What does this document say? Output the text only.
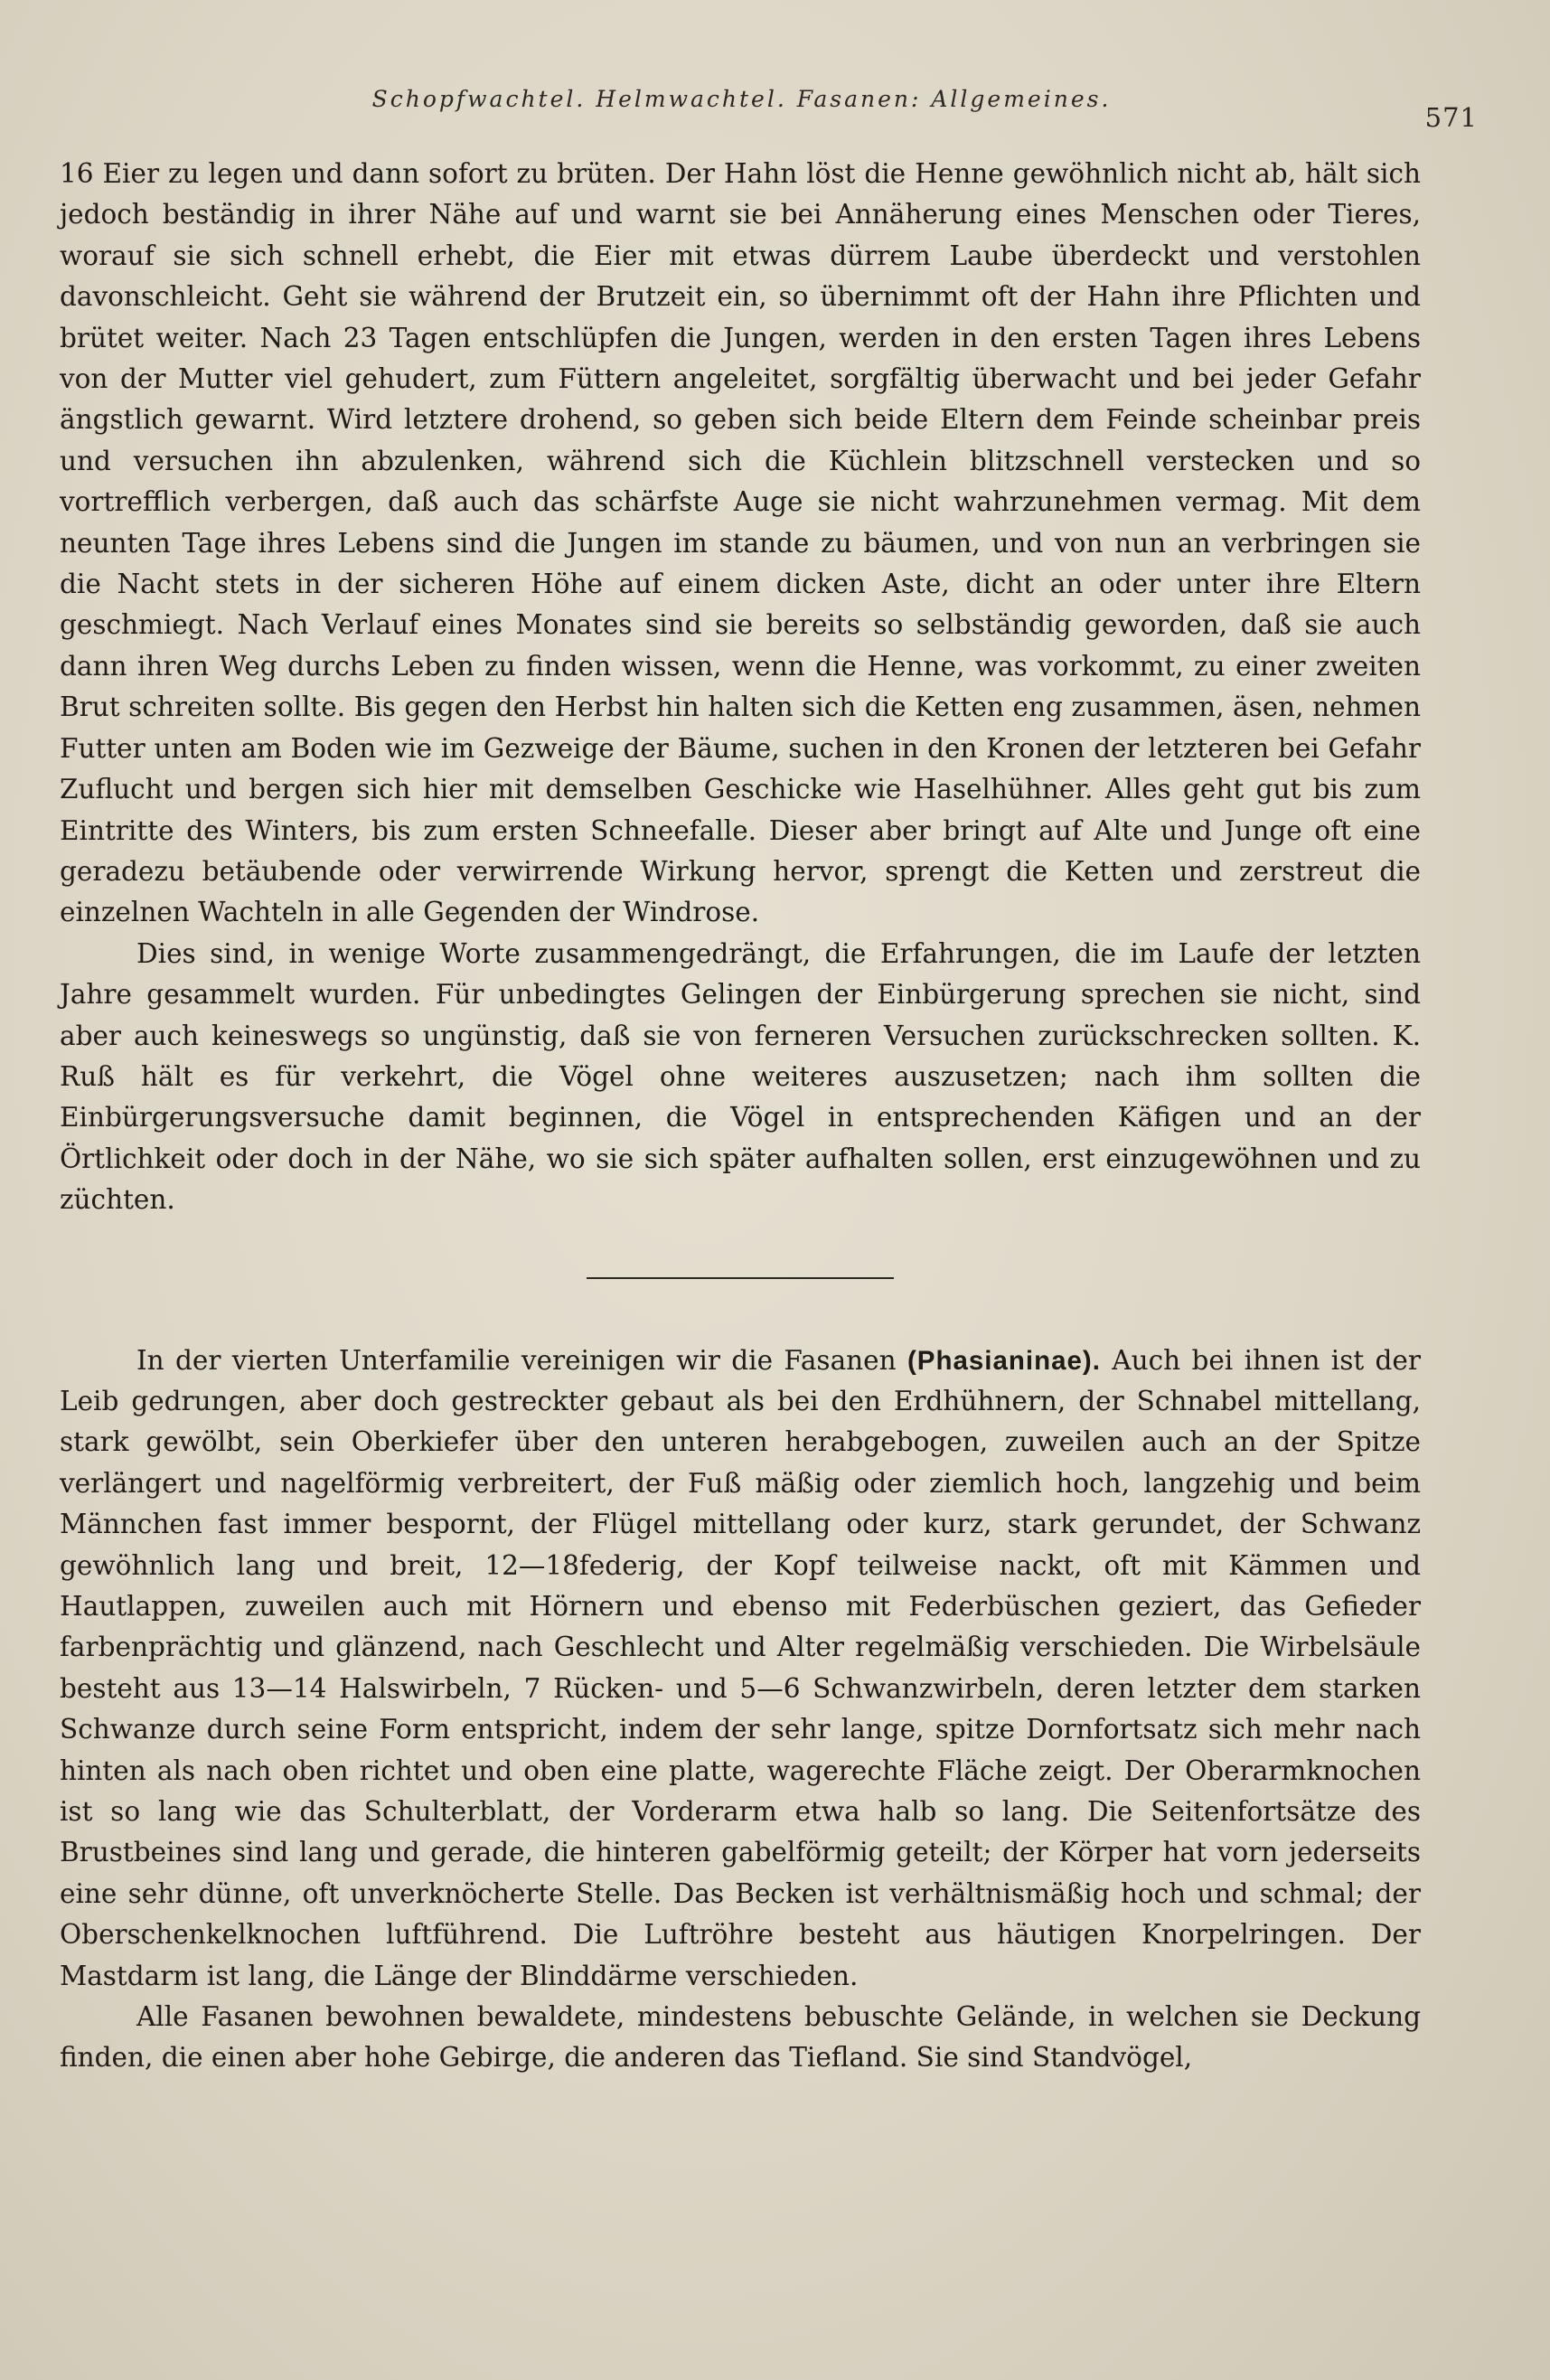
Schopfwachtel. Helmwachtel. Fasanen: Allgemeines.
571

16 Eier zu legen und dann sofort zu brüten. Der Hahn löst die Henne gewöhnlich nicht ab, hält sich jedoch beständig in ihrer Nähe auf und warnt sie bei Annäherung eines Menschen oder Tieres, worauf sie sich schnell erhebt, die Eier mit etwas dürrem Laube überdeckt und verstohlen davonschleicht. Geht sie während der Brutzeit ein, so übernimmt oft der Hahn ihre Pflichten und brütet weiter. Nach 23 Tagen entschlüpfen die Jungen, werden in den ersten Tagen ihres Lebens von der Mutter viel gehudert, zum Füttern angeleitet, sorgfältig überwacht und bei jeder Gefahr ängstlich gewarnt. Wird letztere drohend, so geben sich beide Eltern dem Feinde scheinbar preis und versuchen ihn abzulenken, während sich die Küchlein blitzschnell verstecken und so vortrefflich verbergen, daß auch das schärfste Auge sie nicht wahrzunehmen vermag. Mit dem neunten Tage ihres Lebens sind die Jungen im stande zu bäumen, und von nun an verbringen sie die Nacht stets in der sicheren Höhe auf einem dicken Aste, dicht an oder unter ihre Eltern geschmiegt. Nach Verlauf eines Monates sind sie bereits so selbständig geworden, daß sie auch dann ihren Weg durchs Leben zu finden wissen, wenn die Henne, was vorkommt, zu einer zweiten Brut schreiten sollte. Bis gegen den Herbst hin halten sich die Ketten eng zusammen, äsen, nehmen Futter unten am Boden wie im Gezweige der Bäume, suchen in den Kronen der letzteren bei Gefahr Zuflucht und bergen sich hier mit demselben Geschicke wie Haselhühner. Alles geht gut bis zum Eintritte des Winters, bis zum ersten Schneefalle. Dieser aber bringt auf Alte und Junge oft eine geradezu betäubende oder verwirrende Wirkung hervor, sprengt die Ketten und zerstreut die einzelnen Wachteln in alle Gegenden der Windrose.

Dies sind, in wenige Worte zusammengedrängt, die Erfahrungen, die im Laufe der letzten Jahre gesammelt wurden. Für unbedingtes Gelingen der Einbürgerung sprechen sie nicht, sind aber auch keineswegs so ungünstig, daß sie von ferneren Versuchen zurückschrecken sollten. K. Ruß hält es für verkehrt, die Vögel ohne weiteres auszusetzen; nach ihm sollten die Einbürgerungsversuche damit beginnen, die Vögel in entsprechenden Käfigen und an der Örtlichkeit oder doch in der Nähe, wo sie sich später aufhalten sollen, erst einzugewöhnen und zu züchten.

In der vierten Unterfamilie vereinigen wir die Fasanen (Phasianinae). Auch bei ihnen ist der Leib gedrungen, aber doch gestreckter gebaut als bei den Erdhühnern, der Schnabel mittellang, stark gewölbt, sein Oberkiefer über den unteren herabgebogen, zuweilen auch an der Spitze verlängert und nagelförmig verbreitert, der Fuß mäßig oder ziemlich hoch, langzehig und beim Männchen fast immer bespornt, der Flügel mittellang oder kurz, stark gerundet, der Schwanz gewöhnlich lang und breit, 12—18federig, der Kopf teilweise nackt, oft mit Kämmen und Hautlappen, zuweilen auch mit Hörnern und ebenso mit Federbüschen geziert, das Gefieder farbenprächtig und glänzend, nach Geschlecht und Alter regelmäßig verschieden. Die Wirbelsäule besteht aus 13—14 Halswirbeln, 7 Rücken- und 5—6 Schwanzwirbeln, deren letzter dem starken Schwanze durch seine Form entspricht, indem der sehr lange, spitze Dornfortsatz sich mehr nach hinten als nach oben richtet und oben eine platte, wagerechte Fläche zeigt. Der Oberarmknochen ist so lang wie das Schulterblatt, der Vorderarm etwa halb so lang. Die Seitenfortsätze des Brustbeines sind lang und gerade, die hinteren gabelförmig geteilt; der Körper hat vorn jederseits eine sehr dünne, oft unverknöcherte Stelle. Das Becken ist verhältnismäßig hoch und schmal; der Oberschenkelknochen luftführend. Die Luftröhre besteht aus häutigen Knorpelringen. Der Mastdarm ist lang, die Länge der Blinddärme verschieden.

Alle Fasanen bewohnen bewaldete, mindestens bebuschte Gelände, in welchen sie Deckung finden, die einen aber hohe Gebirge, die anderen das Tiefland. Sie sind Standvögel,
